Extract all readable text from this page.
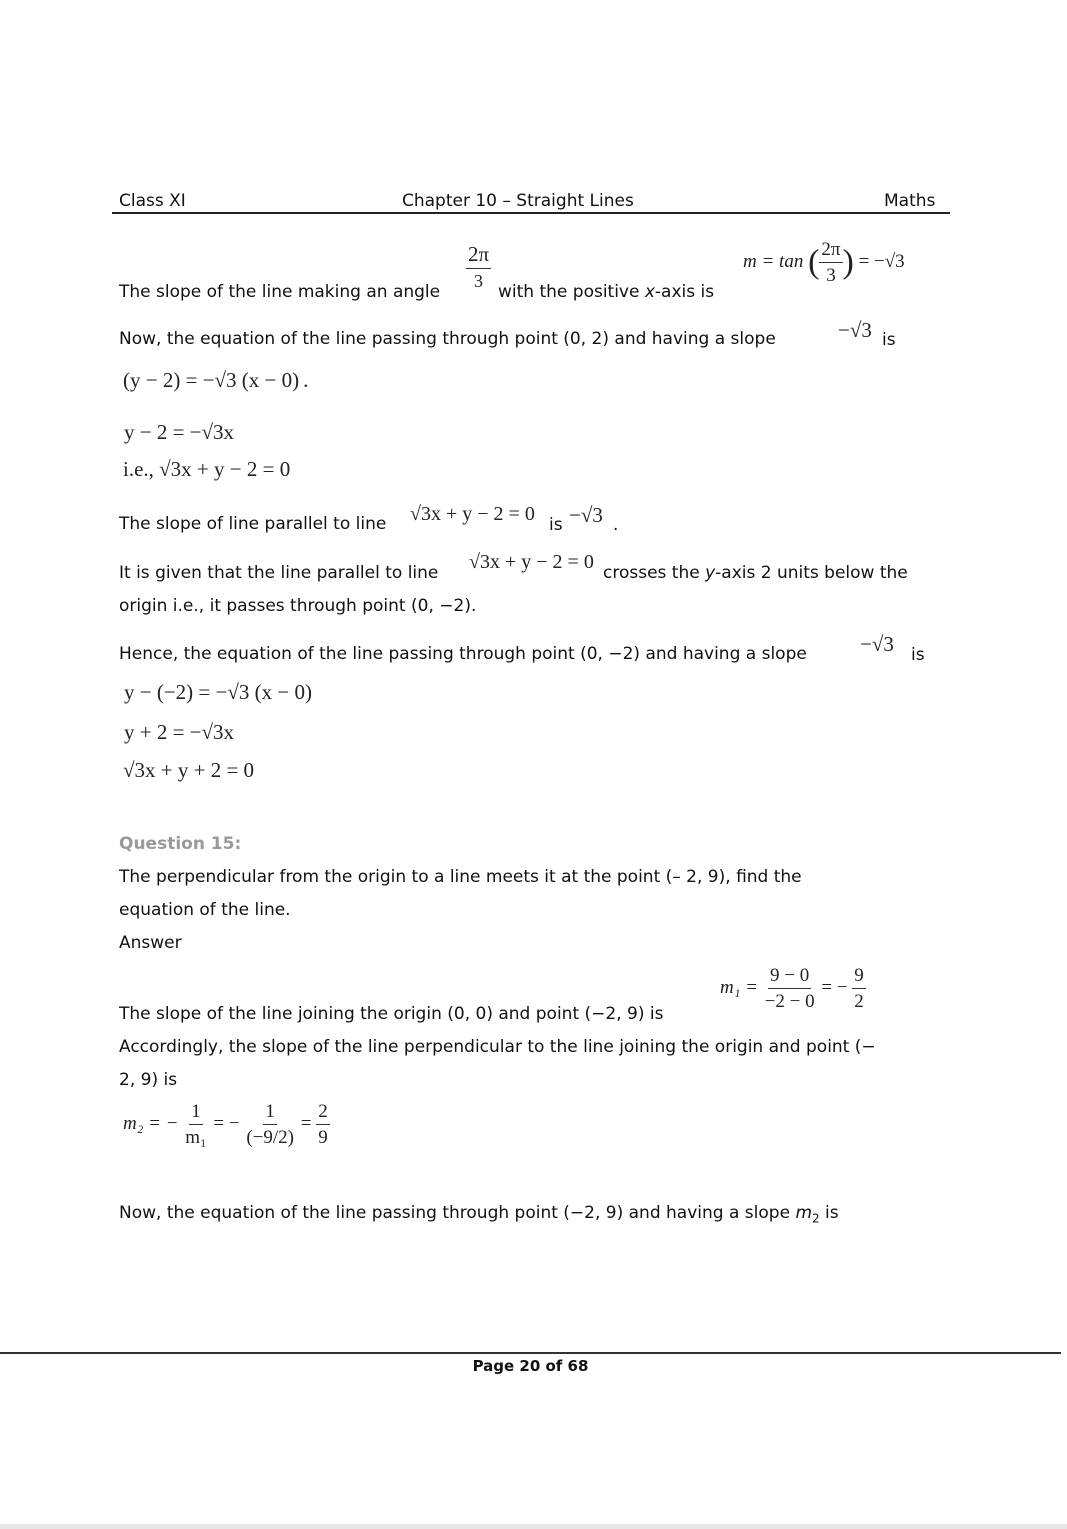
Class XI	Chapter 10 – Straight Lines	Maths
The slope of the line making an angle
$\frac{2\pi}{3}$
with the positive x-axis is
m = tan ( $\frac{2\pi}{3}$ ) = −√3
Now, the equation of the line passing through point (0, 2) and having a slope	−√3 is
(y − 2) = −√3 (x − 0) .
y − 2 = −√3x
i.e., √3x + y − 2 = 0
The slope of line parallel to line √3x + y − 2 = 0 is −√3 .
It is given that the line parallel to line √3x + y − 2 = 0 crosses the y-axis 2 units below the
origin i.e., it passes through point (0, −2).
Hence, the equation of the line passing through point (0, −2) and having a slope	−√3 is
y − (−2) = −√3 (x − 0)
y + 2 = −√3x
√3x + y + 2 = 0
Question 15:
The perpendicular from the origin to a line meets it at the point (– 2, 9), find the
equation of the line.
Answer
The slope of the line joining the origin (0, 0) and point (−2, 9) is
$m_1 = \frac{9 - 0}{-2 - 0}$ = − $\frac{9}{2}$
Accordingly, the slope of the line perpendicular to the line joining the origin and point (−
2, 9) is
m₂ = − $\frac{1}{\text{m₁}}$ = − $\frac{1}{(-9/2)} = \frac{2}{9}$
Now, the equation of the line passing through point (−2, 9) and having a slope $m_2$ is
Page 20 of 68
